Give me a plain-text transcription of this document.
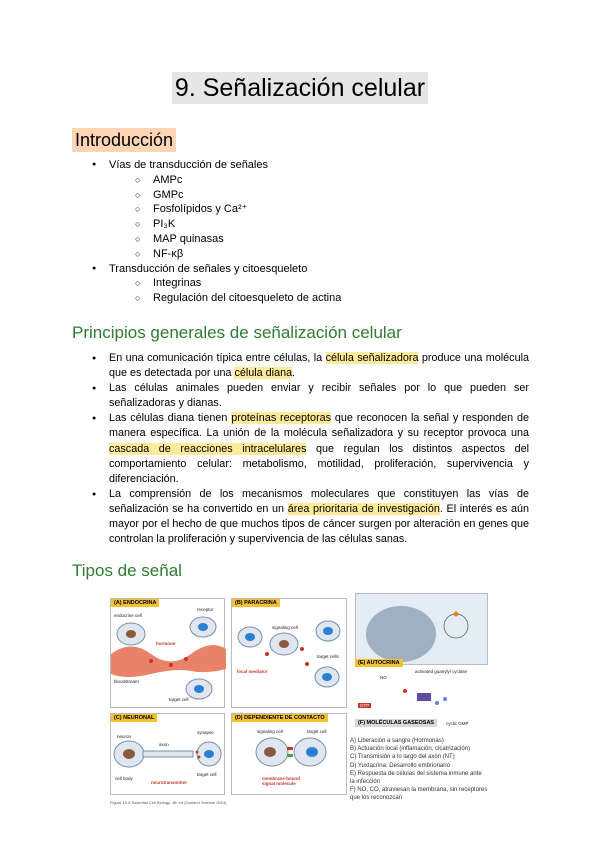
9. Señalización celular
Introducción
● Vías de transducción de señales
○ AMPc
○ GMPc
○ Fosfolípidos y Ca²⁺
○ PI₃K
○ MAP quinasas
○ NF-κβ
● Transducción de señales y citoesqueleto
○ Integrinas
○ Regulación del citoesqueleto de actina
Principios generales de señalización celular
● En una comunicación típica entre células, la célula señalizadora produce una molécula que es detectada por una célula diana.
● Las células animales pueden enviar y recibir señales por lo que pueden ser señalizadoras y dianas.
● Las células diana tienen proteínas receptoras que reconocen la señal y responden de manera específica. La unión de la molécula señalizadora y su receptor provoca una cascada de reacciones intracelulares que regulan los distintos aspectos del comportamiento celular: metabolismo, motilidad, proliferación, supervivencia y diferenciación.
● La comprensión de los mecanismos moleculares que constituyen las vías de señalización se ha convertido en un área prioritaria de investigación. El interés es aún mayor por el hecho de que muchos tipos de cáncer surgen por alteración en genes que controlan la proliferación y supervivencia de las células sanas.
Tipos de señal
(A) ENDOCRINA
endocrine cell
receptor
hormone
bloodstream
target cell
(B) PARACRINA
signaling cell
target cells
local mediator
(E) AUTOCRINA
NO
activated guanylyl cyclase
GTP
(F) MOLÉCULAS GASEOSAS	cyclic GMP
(C) NEURONAL
neuron
axon
cell body
synapse
neurotransmitter
target cell
(D) DEPENDIENTE DE CONTACTO
signaling cell	target cell
membrane-bound signal molecule
A) Liberación a sangre (Hormonas)
B) Actuación local (inflamación, cicatrización)
C) Transmisión a lo largo del axón (NT)
D) Yuxtacrina: Desarrollo embrionario
E) Respuesta de células del sistema inmune ante la infección
F) NO, CO, atraviesan la membrana, sin receptores que los reconozcan
Figure 15-8 Essential Cell Biology, 4th ed (Garland Science 2014)
